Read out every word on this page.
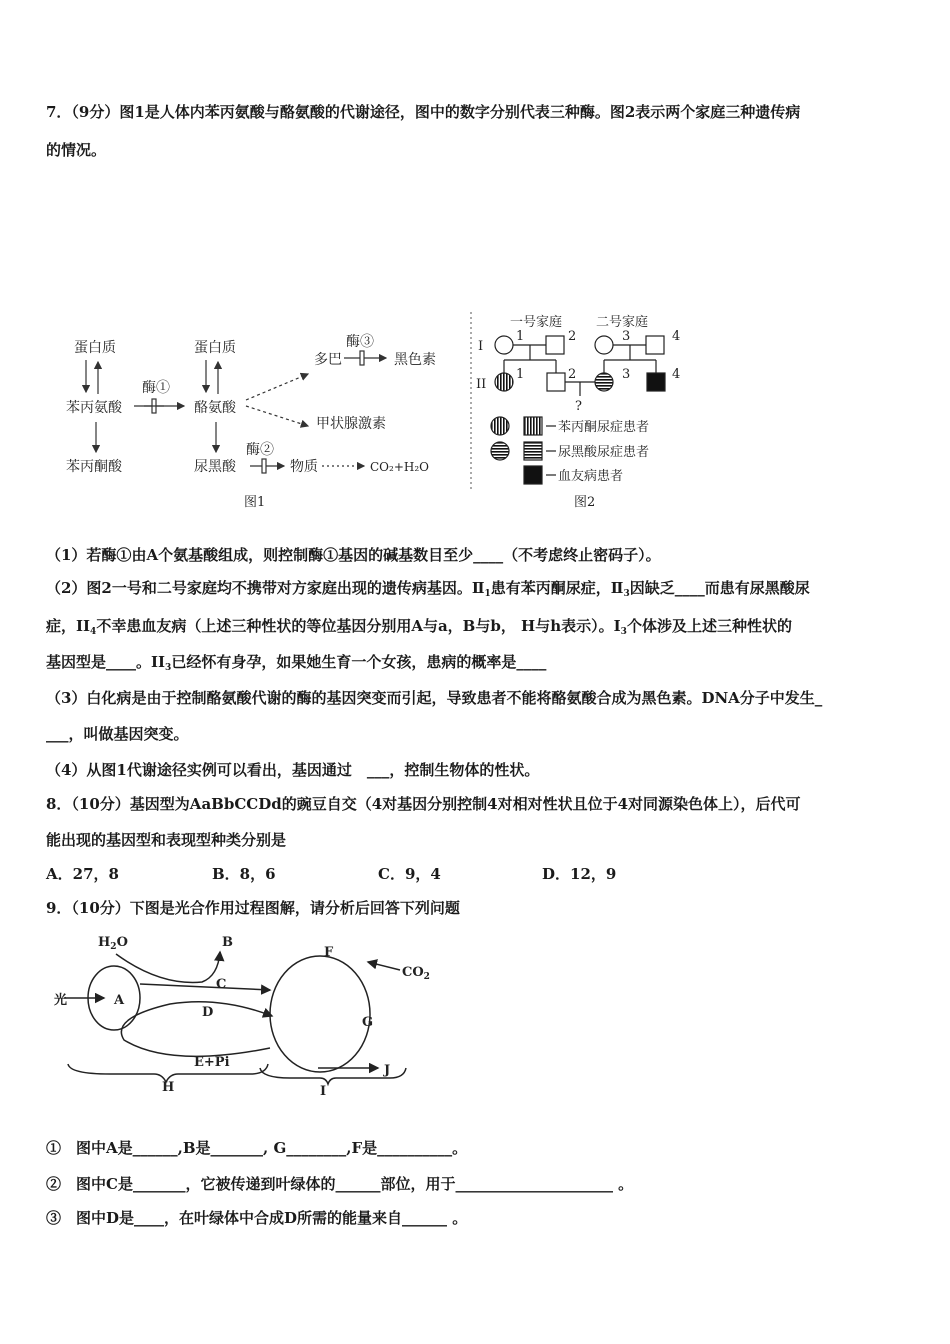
7．（9分）图1是人体内苯丙氨酸与酪氨酸的代谢途径，图中的数字分别代表三种酶。图2表示两个家庭三种遗传病
的情况。
蛋白质	蛋白质
苯丙氨酸	酪氨酸
苯丙酮酸	尿黑酸
多巴	黑色素
甲状腺激素
物质	CO₂+H₂O
酶①
酶②
酶③
图1
一号家庭	二号家庭
I
II
1	2	3	4
1	2	3	4
?
苯丙酮尿症患者
尿黑酸尿症患者
血友病患者
图2
（1）若酶①由A个氨基酸组成，则控制酶①基因的碱基数目至少____（不考虑终止密码子）。
（2）图2一号和二号家庭均不携带对方家庭出现的遗传病基因。$Ⅱ_1$患有苯丙酮尿症，$Ⅱ_3$因缺乏____而患有尿黑酸尿
症，$II_4$不幸患血友病（上述三种性状的等位基因分别用A与a，B与b， H与h表示）。$I_3$个体涉及上述三种性状的
基因型是____。$II_3$已经怀有身孕，如果她生育一个女孩，患病的概率是____
（3）白化病是由于控制酪氨酸代谢的酶的基因突变而引起，导致患者不能将酪氨酸合成为黑色素。DNA分子中发生_
___，叫做基因突变。
（4）从图1代谢途径实例可以看出，基因通过　___，控制生物体的性状。
8．（10分）基因型为AaBbCCDd的豌豆自交（4对基因分别控制4对相对性状且位于4对同源染色体上），后代可
能出现的基因型和表现型种类分别是
A．27，8	B．8，6	C．9，4	D．12，9
9．（10分）下图是光合作用过程图解，请分析后回答下列问题
$H_2O$	B
光	A
C
D
F
$CO_2$
G
E+Pi
J
H	I
①　图中A是______,B是_______, G________,F是__________。
②　图中C是_______，它被传递到叶绿体的______部位，用于_____________________ 。
③　图中D是____，在叶绿体中合成D所需的能量来自______ 。
